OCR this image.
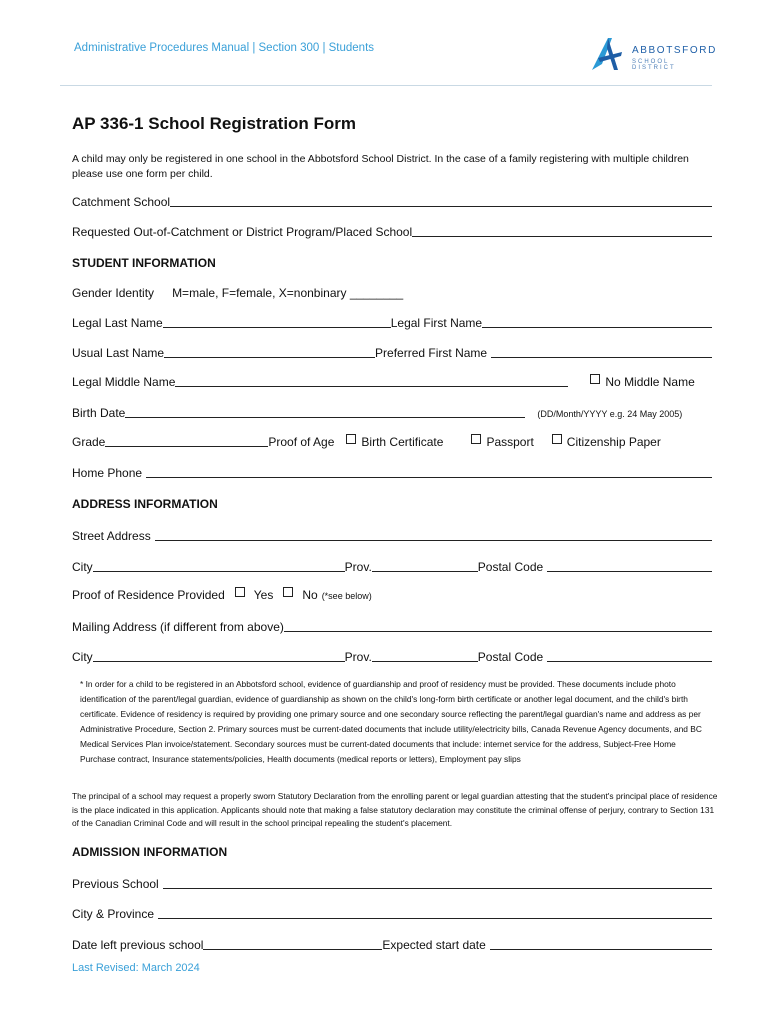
Administrative Procedures Manual | Section 300 | Students	ABBOTSFORD
SCHOOL DISTRICT
AP 336-1 School Registration Form
A child may only be registered in one school in the Abbotsford School District. In the case of a family registering with multiple children please use one form per child.
Catchment School
Requested Out-of-Catchment or District Program/Placed School
STUDENT INFORMATION
Gender Identity M=male, F=female, X=nonbinary ________
Legal Last Name	Legal First Name
Usual Last Name	Preferred First Name
Legal Middle Name	No Middle Name
Birth Date	(DD/Month/YYYY e.g. 24 May 2005)
Grade	Proof of Age	Birth Certificate	Passport	Citizenship Paper
Home Phone
ADDRESS INFORMATION
Street Address
City	Prov.	Postal Code
Proof of Residence Provided	Yes	No (*see below)
Mailing Address (if different from above)
City	Prov.	Postal Code
* In order for a child to be registered in an Abbotsford school, evidence of guardianship and proof of residency must be provided. These documents include photo identification of the parent/legal guardian, evidence of guardianship as shown on the child's long-form birth certificate or another legal document, and the child's birth certificate. Evidence of residency is required by providing one primary source and one secondary source reflecting the parent/legal guardian's name and address as per Administrative Procedure, Section 2. Primary sources must be current-dated documents that include utility/electricity bills, Canada Revenue Agency documents, and BC Medical Services Plan invoice/statement. Secondary sources must be current-dated documents that include: internet service for the address, Subject-Free Home Purchase contract, Insurance statements/policies, Health documents (medical reports or letters), Employment pay slips
The principal of a school may request a properly sworn Statutory Declaration from the enrolling parent or legal guardian attesting that the student's principal place of residence is the place indicated in this application. Applicants should note that making a false statutory declaration may constitute the criminal offense of perjury, contrary to Section 131 of the Canadian Criminal Code and will result in the school principal repealing the student's placement.
ADMISSION INFORMATION
Previous School
City & Province
Date left previous school	Expected start date
Last Revised: March 2024
